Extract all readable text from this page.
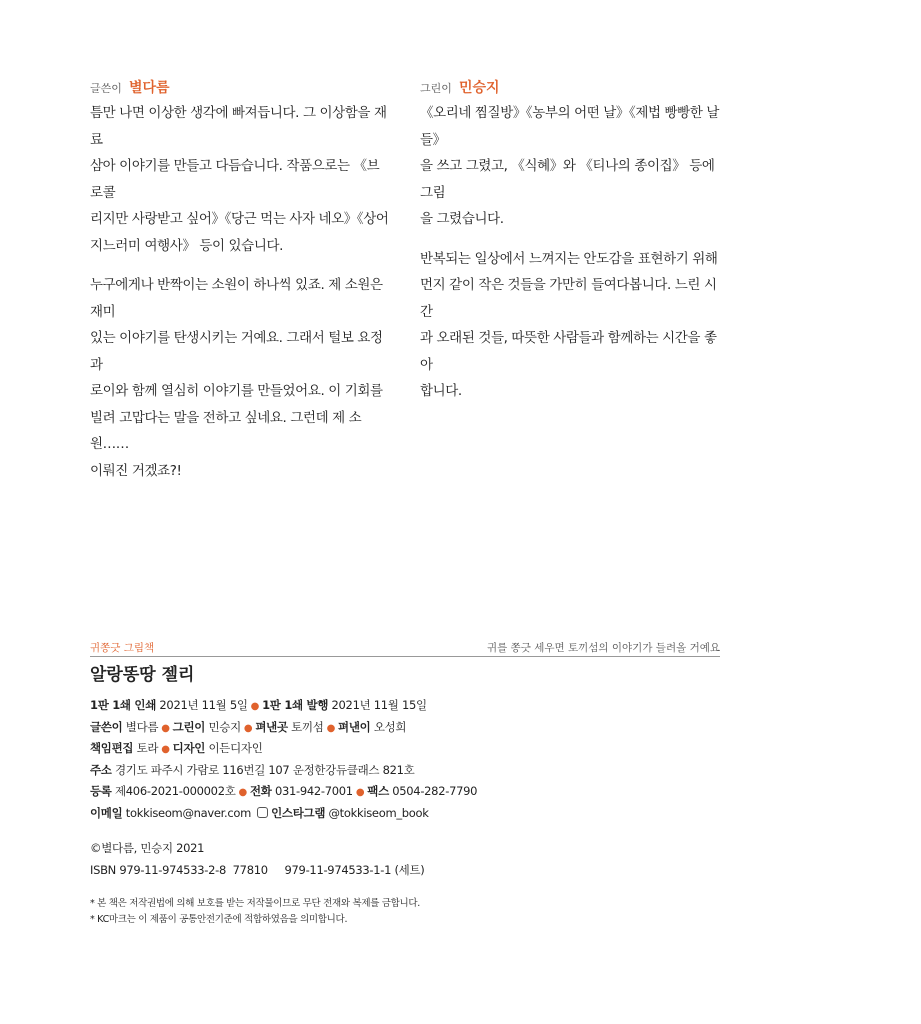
글쓴이 별다름

틈만 나면 이상한 생각에 빠져듭니다. 그 이상함을 재료
삼아 이야기를 만들고 다듬습니다. 작품으로는 《브로콜
리지만 사랑받고 싶어》《당근 먹는 사자 네오》《상어
지느러미 여행사》 등이 있습니다.

누구에게나 반짝이는 소원이 하나씩 있죠. 제 소원은 재미
있는 이야기를 탄생시키는 거예요. 그래서 털보 요정과
로이와 함께 열심히 이야기를 만들었어요. 이 기회를
빌려 고맙다는 말을 전하고 싶네요. 그런데 제 소원……
이뤄진 거겠죠?!

그린이 민승지

《오리네 찜질방》《농부의 어떤 날》《제법 빵빵한 날들》
을 쓰고 그렸고, 《식혜》와 《티나의 종이집》 등에 그림
을 그렸습니다.

반복되는 일상에서 느껴지는 안도감을 표현하기 위해
먼지 같이 작은 것들을 가만히 들여다봅니다. 느린 시간
과 오래된 것들, 따뜻한 사람들과 함께하는 시간을 좋아
합니다.

귀쫑긋 그림책	귀를 쫑긋 세우면 토끼섬의 이야기가 들려올 거예요
알랑똥땅 젤리
1판 1쇄 인쇄 2021년 11월 5일 ● 1판 1쇄 발행 2021년 11월 15일
글쓴이 별다름 ● 그린이 민승지 ● 펴낸곳 토끼섬 ● 펴낸이 오성희
책임편집 토라 ● 디자인 이든디자인
주소 경기도 파주시 가람로 116번길 107 운정한강듀클래스 821호
등록 제406-2021-000002호 ● 전화 031-942-7001 ● 팩스 0504-282-7790
이메일 tokkiseom@naver.com 인스타그램 @tokkiseom_book
©별다름, 민승지 2021
ISBN 979-11-974533-2-8  77810     979-11-974533-1-1 (세트)
* 본 책은 저작권법에 의해 보호를 받는 저작물이므로 무단 전재와 복제를 금합니다.
* KC마크는 이 제품이 공통안전기준에 적합하였음을 의미합니다.
